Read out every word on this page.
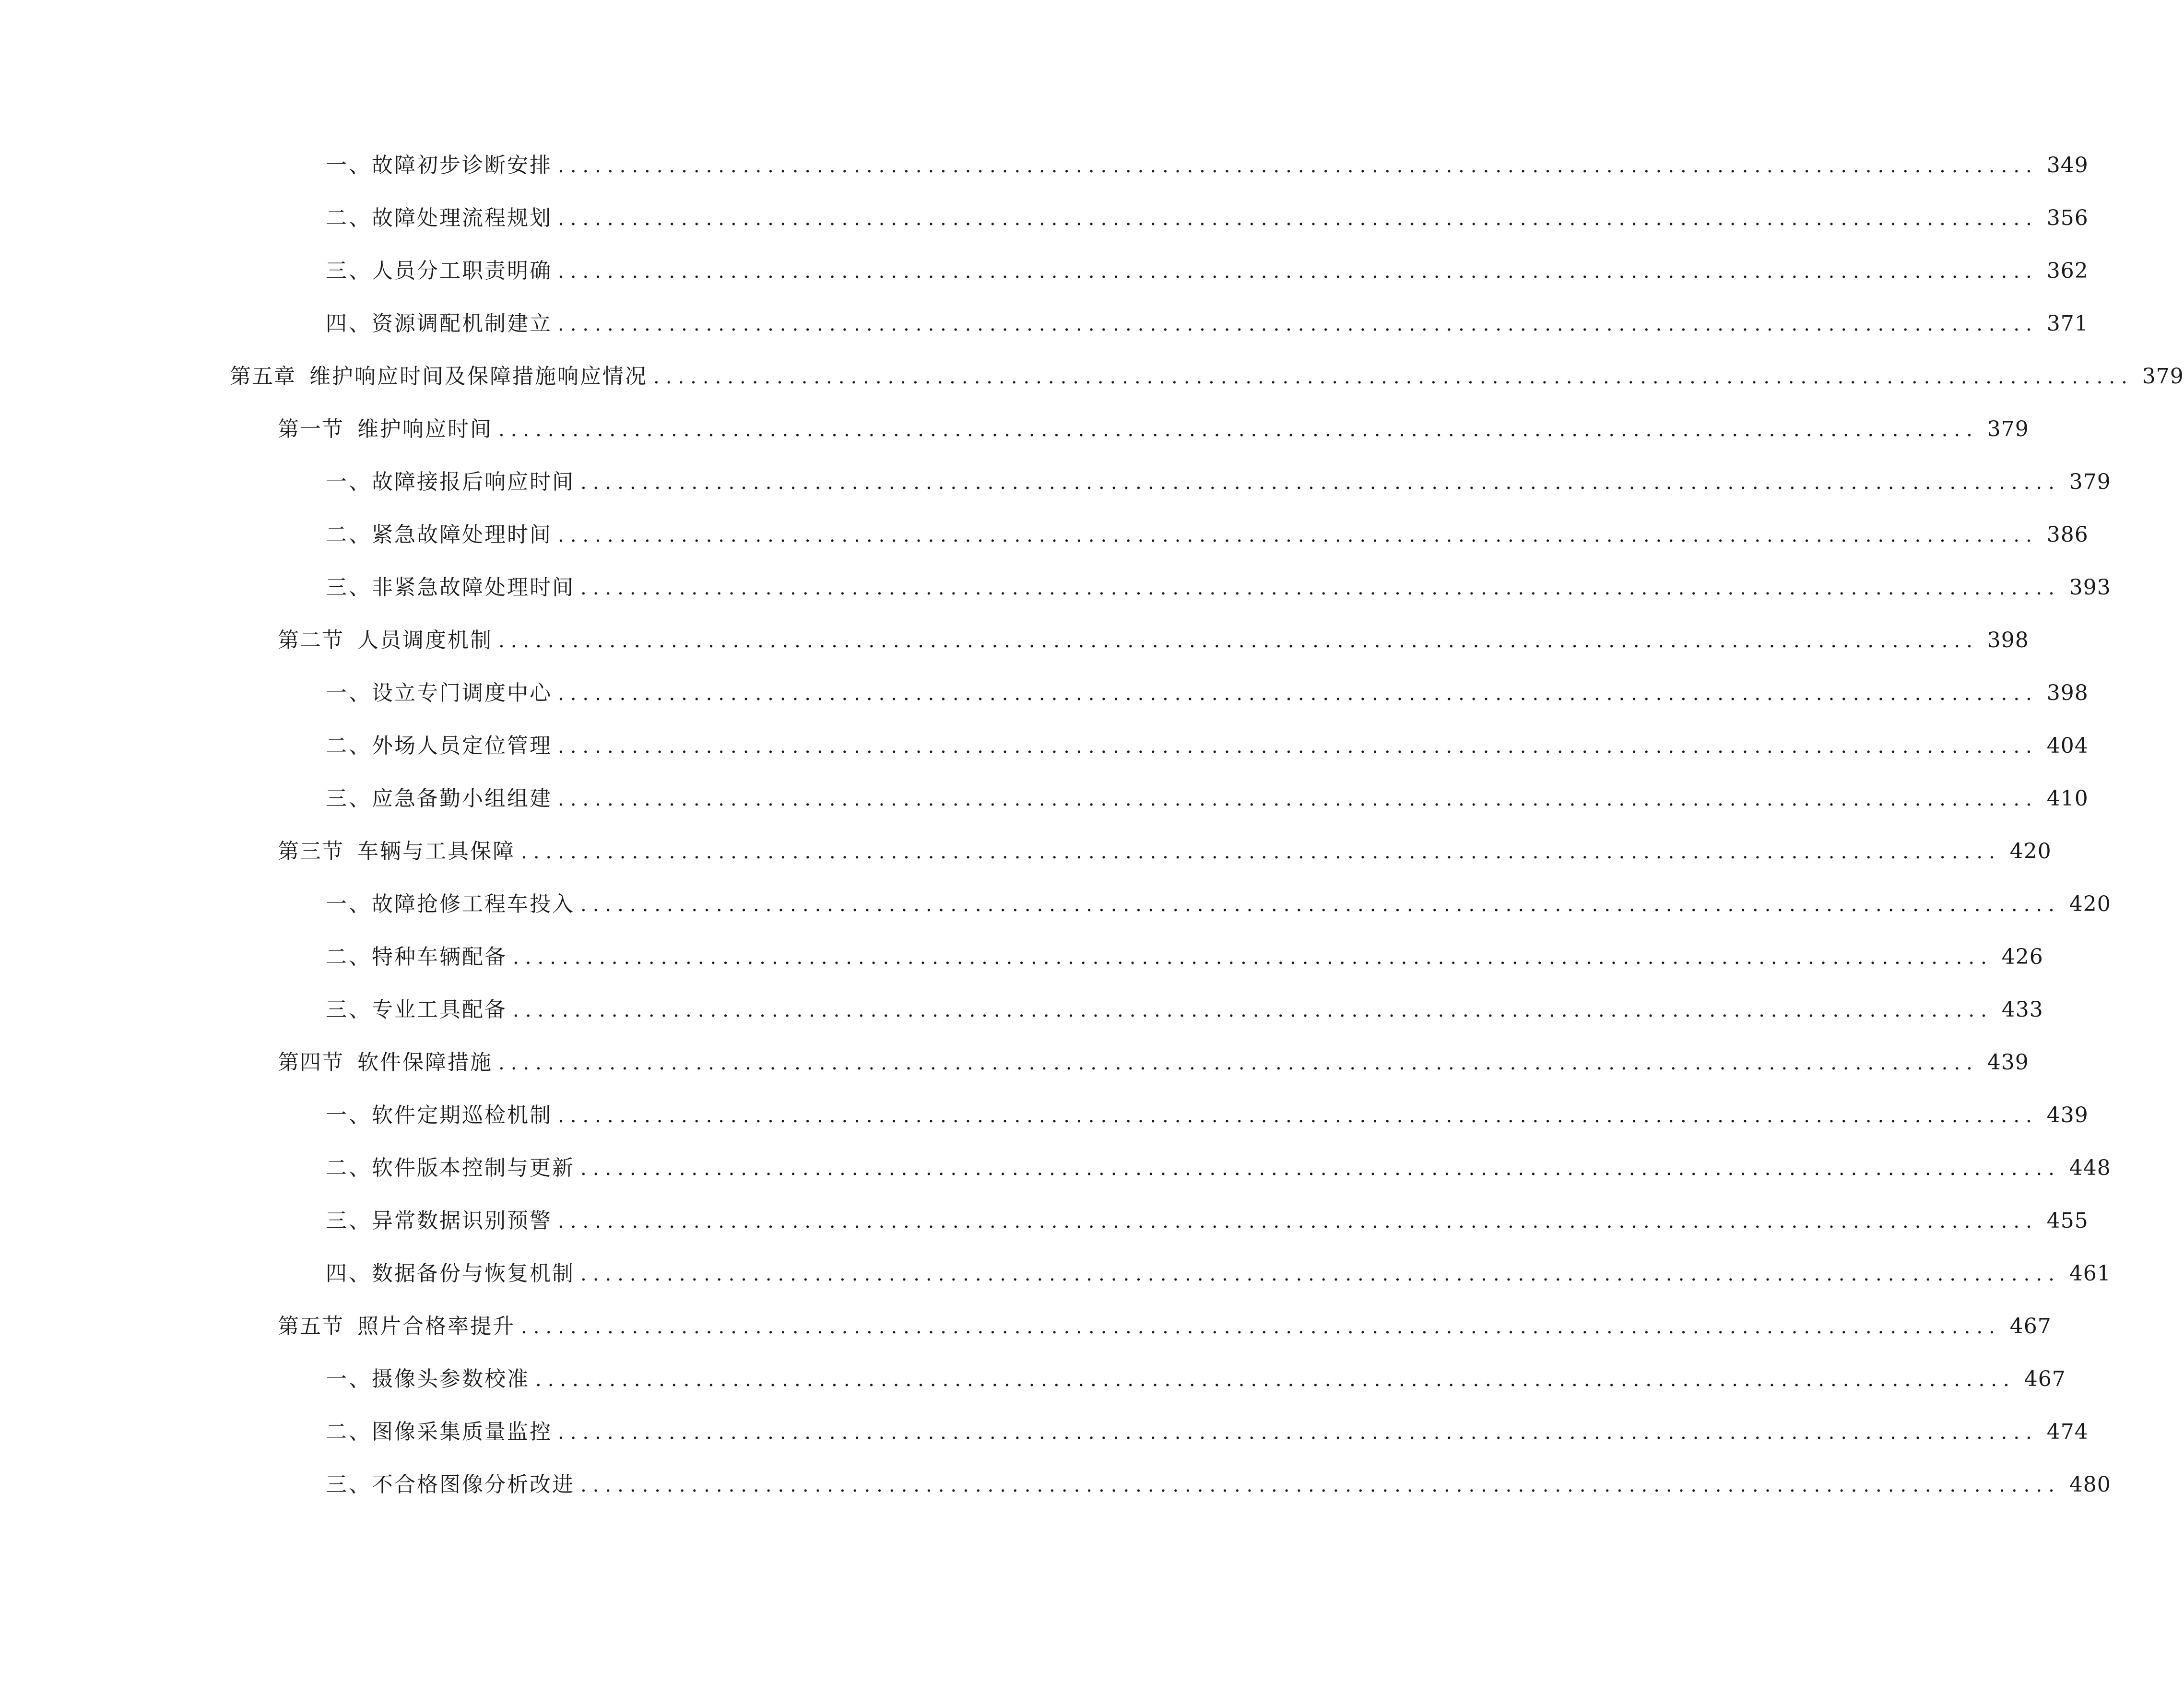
一、 故障初步诊断安排 ........................................................................................................................ 349
二、 故障处理流程规划 ........................................................................................................................ 356
三、 人员分工职责明确 ........................................................................................................................ 362
四、 资源调配机制建立 ........................................................................................................................ 371
第五章 维护响应时间及保障措施响应情况 ........................................................................................................................ 379
第一节 维护响应时间 ........................................................................................................................ 379
一、 故障接报后响应时间 ........................................................................................................................ 379
二、 紧急故障处理时间 ........................................................................................................................ 386
三、 非紧急故障处理时间 ........................................................................................................................ 393
第二节 人员调度机制 ........................................................................................................................ 398
一、 设立专门调度中心 ........................................................................................................................ 398
二、 外场人员定位管理 ........................................................................................................................ 404
三、 应急备勤小组组建 ........................................................................................................................ 410
第三节 车辆与工具保障 ........................................................................................................................ 420
一、 故障抢修工程车投入 ........................................................................................................................ 420
二、 特种车辆配备 ........................................................................................................................ 426
三、 专业工具配备 ........................................................................................................................ 433
第四节 软件保障措施 ........................................................................................................................ 439
一、 软件定期巡检机制 ........................................................................................................................ 439
二、 软件版本控制与更新 ........................................................................................................................ 448
三、 异常数据识别预警 ........................................................................................................................ 455
四、 数据备份与恢复机制 ........................................................................................................................ 461
第五节 照片合格率提升 ........................................................................................................................ 467
一、 摄像头参数校准 ........................................................................................................................ 467
二、 图像采集质量监控 ........................................................................................................................ 474
三、 不合格图像分析改进 ........................................................................................................................ 480
